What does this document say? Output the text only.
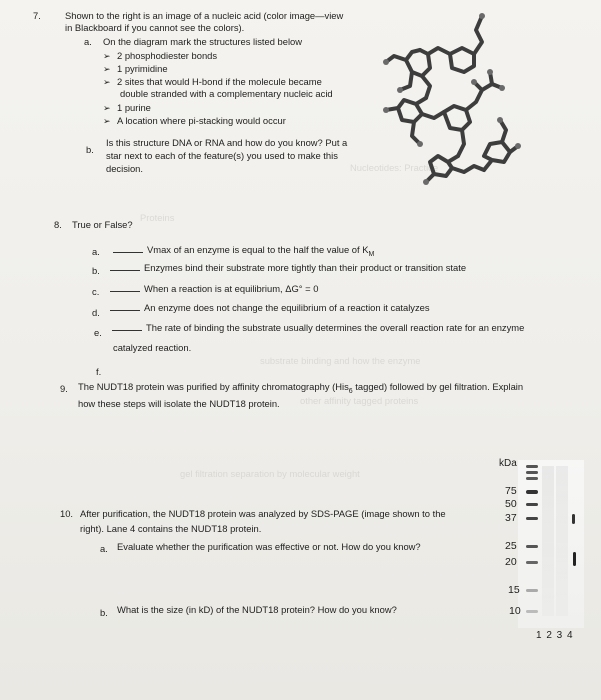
Nucleotides: Practice
Proteins
substrate binding and how the enzyme
other affinity tagged proteins
gel filtration separation by molecular weight
7.	Shown to the right is an image of a nucleic acid (color image—view
in Blackboard if you cannot see the colors).
a. On the diagram mark the structures listed below
➢ 2 phosphodiester bonds
➢ 1 pyrimidine
➢ 2 sites that would H-bond if the molecule became
double stranded with a complementary nucleic acid
➢ 1 purine
➢ A location where pi-stacking would occur
b.
Is this structure DNA or RNA and how do you know? Put a
star next to each of the feature(s) you used to make this
decision.
8. True or False?
a.	Vmax of an enzyme is equal to the half the value of $K_M$
b.	Enzymes bind their substrate more tightly than their product or transition state
c.	When a reaction is at equilibrium, ΔG° = 0
d.	An enzyme does not change the equilibrium of a reaction it catalyzes
e.	The rate of binding the substrate usually determines the overall reaction rate for an enzyme
catalyzed reaction.
f.
9. The NUDT18 protein was purified by affinity chromatography (His$_6$ tagged) followed by gel filtration. Explain
how these steps will isolate the NUDT18 protein.
10. After purification, the NUDT18 protein was analyzed by SDS-PAGE (image shown to the
right). Lane 4 contains the NUDT18 protein.
a. Evaluate whether the purification was effective or not. How do you know?
b. What is the size (in kD) of the NUDT18 protein? How do you know?
kDa
75
50
37
25
20
15
10
1 2 3 4
